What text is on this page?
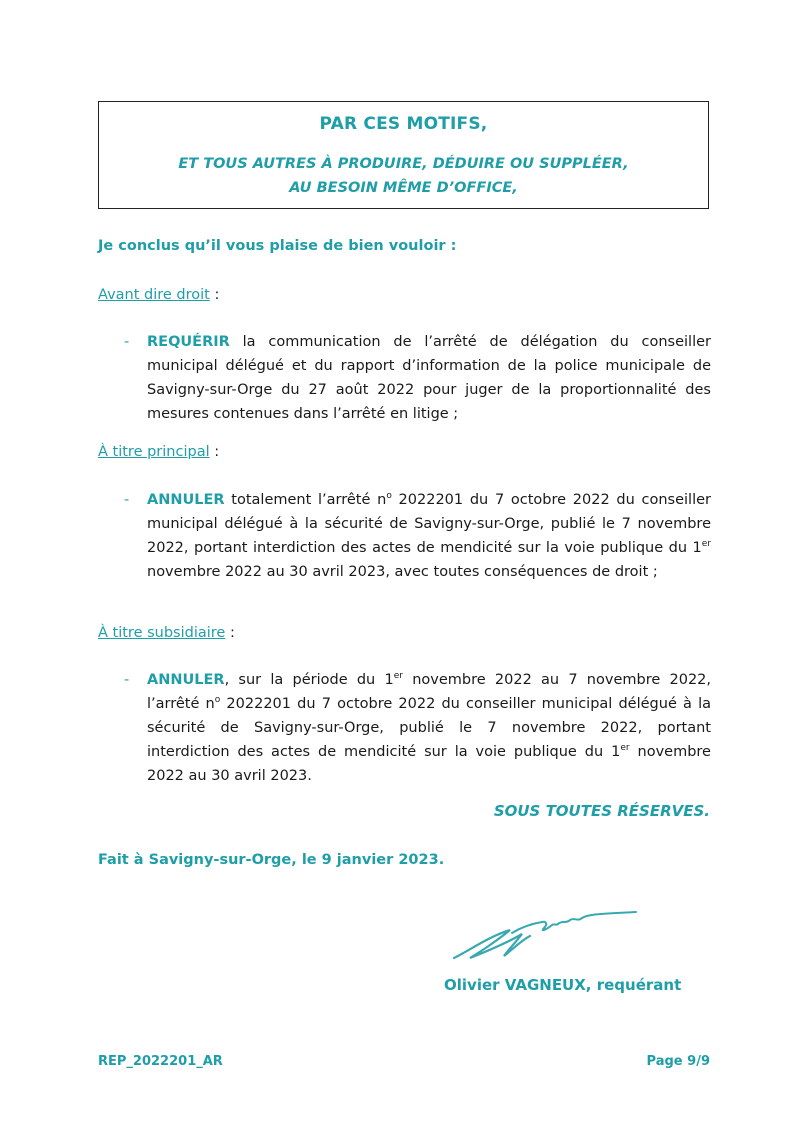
PAR CES MOTIFS,
ET TOUS AUTRES À PRODUIRE, DÉDUIRE OU SUPPLÉER,
AU BESOIN MÊME D’OFFICE,
Je conclus qu’il vous plaise de bien vouloir :
Avant dire droit :
- REQUÉRIR la communication de l’arrêté de délégation du conseiller municipal délégué et du rapport d’information de la police municipale de Savigny-sur-Orge du 27 août 2022 pour juger de la proportionnalité des mesures contenues dans l’arrêté en litige ;
À titre principal :
- ANNULER totalement l’arrêté $n^o$ 2022201 du 7 octobre 2022 du conseiller municipal délégué à la sécurité de Savigny-sur-Orge, publié le 7 novembre 2022, portant interdiction des actes de mendicité sur la voie publique du 1er novembre 2022 au 30 avril 2023, avec toutes conséquences de droit ;
À titre subsidiaire :
- ANNULER, sur la période du 1er novembre 2022 au 7 novembre 2022, l’arrêté $n^o$ 2022201 du 7 octobre 2022 du conseiller municipal délégué à la sécurité de Savigny-sur-Orge, publié le 7 novembre 2022, portant interdiction des actes de mendicité sur la voie publique du 1er novembre 2022 au 30 avril 2023.
SOUS TOUTES RÉSERVES.
Fait à Savigny-sur-Orge, le 9 janvier 2023.
Olivier VAGNEUX, requérant
REP_2022201_AR	Page 9/9
